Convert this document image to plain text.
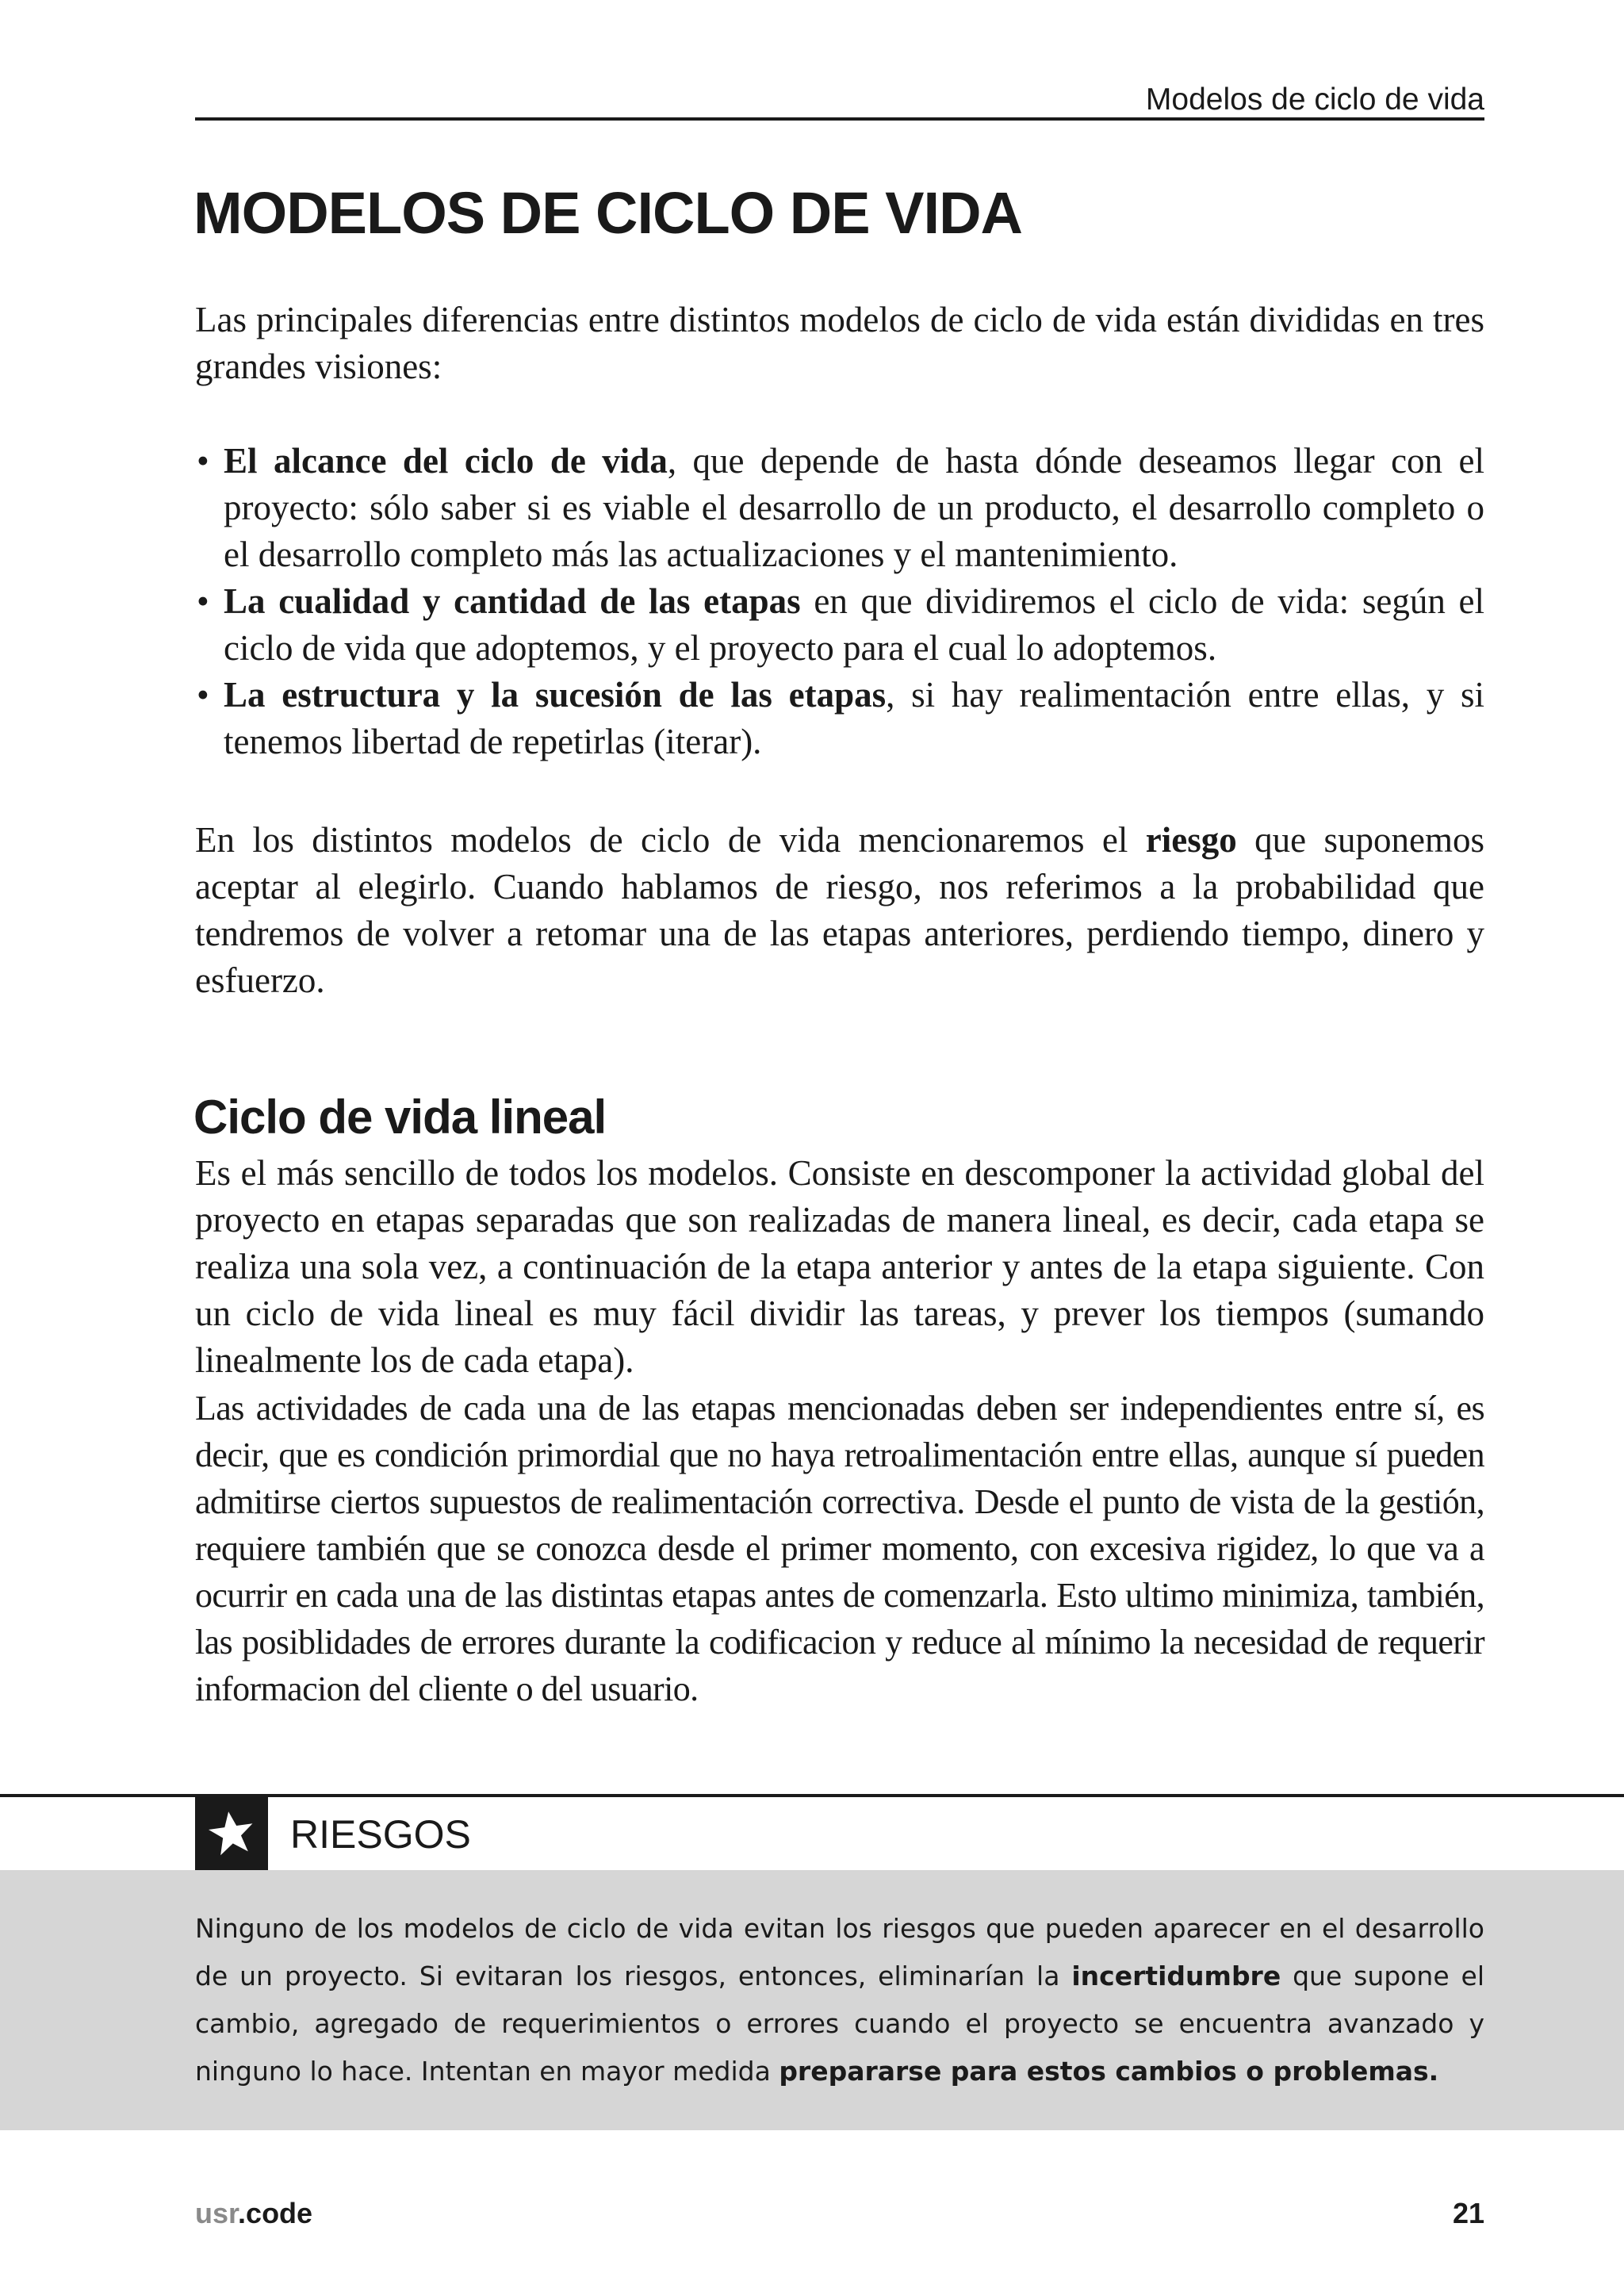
Modelos de ciclo de vida
MODELOS DE CICLO DE VIDA

Las principales diferencias entre distintos modelos de ciclo de vida están divididas en tres grandes visiones:

• El alcance del ciclo de vida, que depende de hasta dónde deseamos llegar con el proyecto: sólo saber si es viable el desarrollo de un producto, el desarrollo completo o el desarrollo completo más las actualizaciones y el mantenimiento.
• La cualidad y cantidad de las etapas en que dividiremos el ciclo de vida: según el ciclo de vida que adoptemos, y el proyecto para el cual lo adoptemos.
• La estructura y la sucesión de las etapas, si hay realimentación entre ellas, y si tenemos libertad de repetirlas (iterar).

En los distintos modelos de ciclo de vida mencionaremos el riesgo que suponemos aceptar al elegirlo. Cuando hablamos de riesgo, nos referimos a la probabilidad que tendremos de volver a retomar una de las etapas anteriores, perdiendo tiempo, dinero y esfuerzo.

Ciclo de vida lineal

Es el más sencillo de todos los modelos. Consiste en descomponer la actividad global del proyecto en etapas separadas que son realizadas de manera lineal, es decir, cada etapa se realiza una sola vez, a continuación de la etapa anterior y antes de la etapa siguiente. Con un ciclo de vida lineal es muy fácil dividir las tareas, y prever los tiempos (sumando linealmente los de cada etapa).

Las actividades de cada una de las etapas mencionadas deben ser independientes entre sí, es decir, que es condición primordial que no haya retroalimentación entre ellas, aunque sí pueden admitirse ciertos supuestos de realimentación correctiva. Desde el punto de vista de la gestión, requiere también que se conozca desde el primer momento, con excesiva rigidez, lo que va a ocurrir en cada una de las distintas etapas antes de comenzarla. Esto ultimo minimiza, también, las posiblidades de errores durante la codificacion y reduce al mínimo la necesidad de requerir informacion del cliente o del usuario.

RIESGOS

Ninguno de los modelos de ciclo de vida evitan los riesgos que pueden aparecer en el desarrollo de un proyecto. Si evitaran los riesgos, entonces, eliminarían la incertidumbre que supone el cambio, agregado de requerimientos o errores cuando el proyecto se encuentra avanzado y ninguno lo hace. Intentan en mayor medida prepararse para estos cambios o problemas.

usr.code	21
